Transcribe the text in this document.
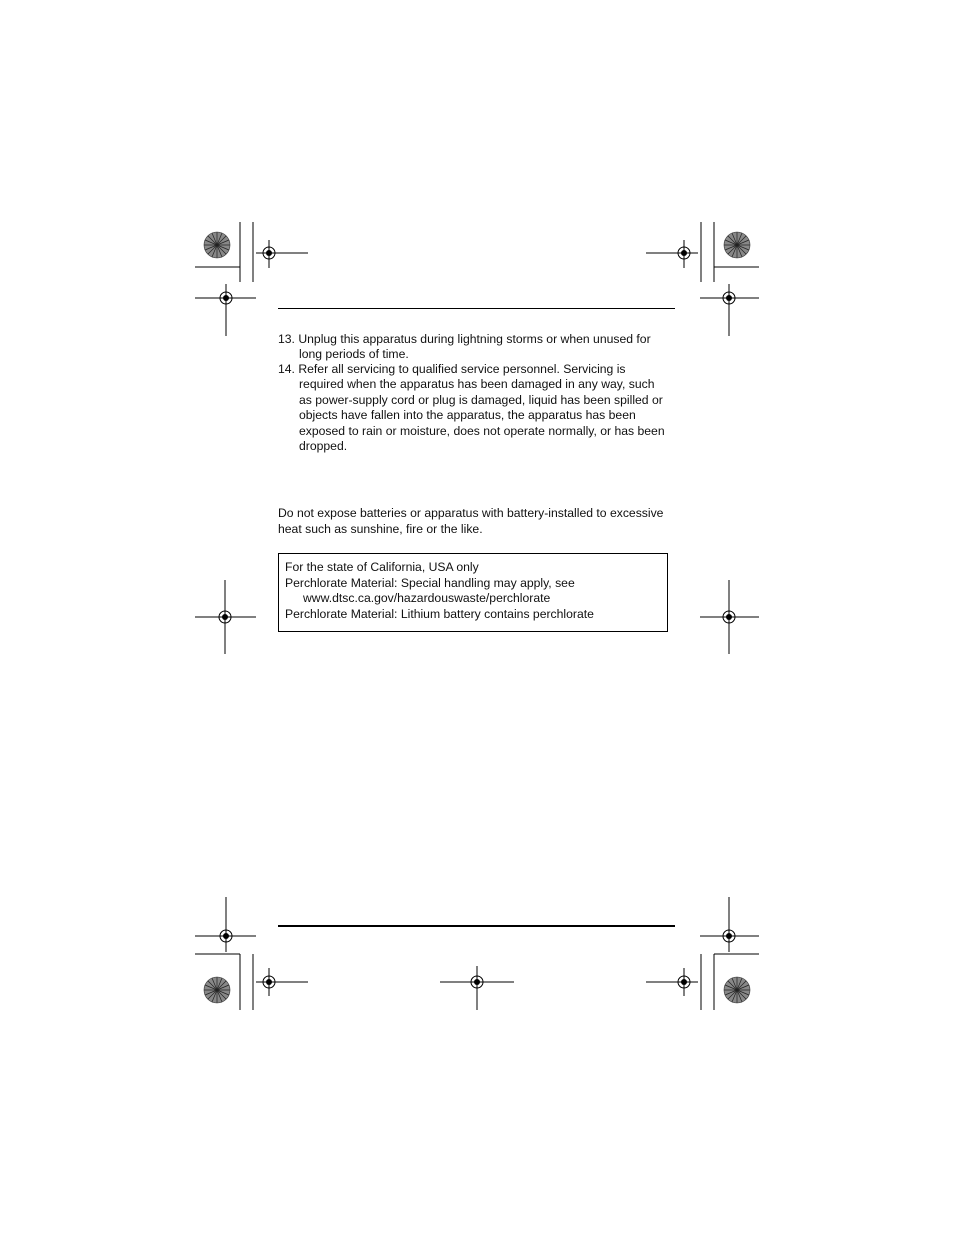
13. Unplug this apparatus during lightning storms or when unused for
long periods of time.
14. Refer all servicing to qualified service personnel. Servicing is
required when the apparatus has been damaged in any way, such
as power-supply cord or plug is damaged, liquid has been spilled or
objects have fallen into the apparatus, the apparatus has been
exposed to rain or moisture, does not operate normally, or has been
dropped.
Do not expose batteries or apparatus with battery-installed to excessive
heat such as sunshine, fire or the like.
For the state of California, USA only
Perchlorate Material: Special handling may apply, see
www.dtsc.ca.gov/hazardouswaste/perchlorate
Perchlorate Material: Lithium battery contains perchlorate
